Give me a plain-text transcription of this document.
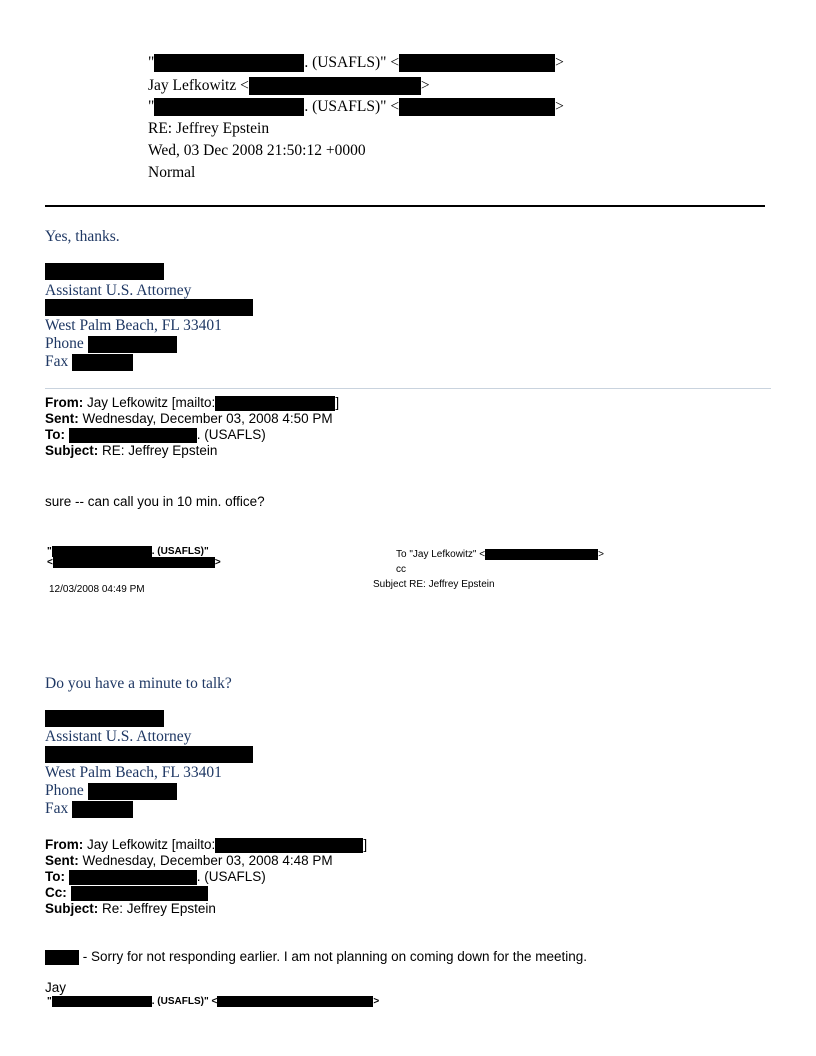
"	. (USAFLS)" <	>
Jay Lefkowitz <	>
"	. (USAFLS)" <	>
RE: Jeffrey Epstein
Wed, 03 Dec 2008 21:50:12 +0000
Normal
Yes, thanks.
Assistant U.S. Attorney
West Palm Beach, FL 33401
Phone
Fax
From: Jay Lefkowitz [mailto:	]
Sent: Wednesday, December 03, 2008 4:50 PM
To:	. (USAFLS)
Subject: RE: Jeffrey Epstein
sure -- can call you in 10 min. office?
"	. (USAFLS)"
<	>
12/03/2008 04:49 PM
To "Jay Lefkowitz" <	>
cc
Subject RE: Jeffrey Epstein
Do you have a minute to talk?
Assistant U.S. Attorney
West Palm Beach, FL 33401
Phone
Fax
From: Jay Lefkowitz [mailto:	]
Sent: Wednesday, December 03, 2008 4:48 PM
To:	. (USAFLS)
Cc:
Subject: Re: Jeffrey Epstein
- Sorry for not responding earlier. I am not planning on coming down for the meeting.
Jay
"	. (USAFLS)" <	>
